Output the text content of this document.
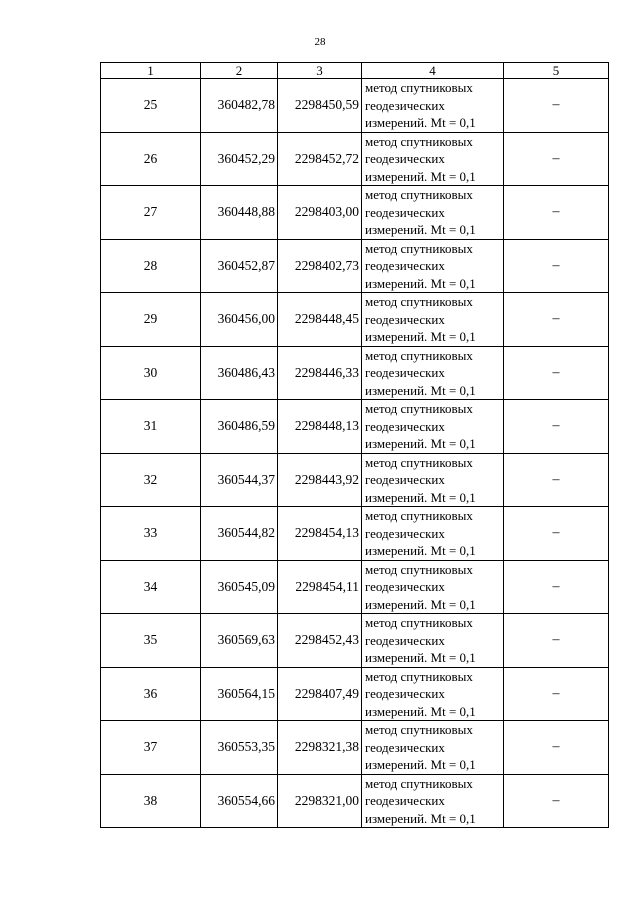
28
1	2	3	4	5
25	360482,78	2298450,59	метод спутниковых
геодезических
измерений. Mt = 0,1	–
26	360452,29	2298452,72	метод спутниковых
геодезических
измерений. Mt = 0,1	–
27	360448,88	2298403,00	метод спутниковых
геодезических
измерений. Mt = 0,1	–
28	360452,87	2298402,73	метод спутниковых
геодезических
измерений. Mt = 0,1	–
29	360456,00	2298448,45	метод спутниковых
геодезических
измерений. Mt = 0,1	–
30	360486,43	2298446,33	метод спутниковых
геодезических
измерений. Mt = 0,1	–
31	360486,59	2298448,13	метод спутниковых
геодезических
измерений. Mt = 0,1	–
32	360544,37	2298443,92	метод спутниковых
геодезических
измерений. Mt = 0,1	–
33	360544,82	2298454,13	метод спутниковых
геодезических
измерений. Mt = 0,1	–
34	360545,09	2298454,11	метод спутниковых
геодезических
измерений. Mt = 0,1	–
35	360569,63	2298452,43	метод спутниковых
геодезических
измерений. Mt = 0,1	–
36	360564,15	2298407,49	метод спутниковых
геодезических
измерений. Mt = 0,1	–
37	360553,35	2298321,38	метод спутниковых
геодезических
измерений. Mt = 0,1	–
38	360554,66	2298321,00	метод спутниковых
геодезических
измерений. Mt = 0,1	–
